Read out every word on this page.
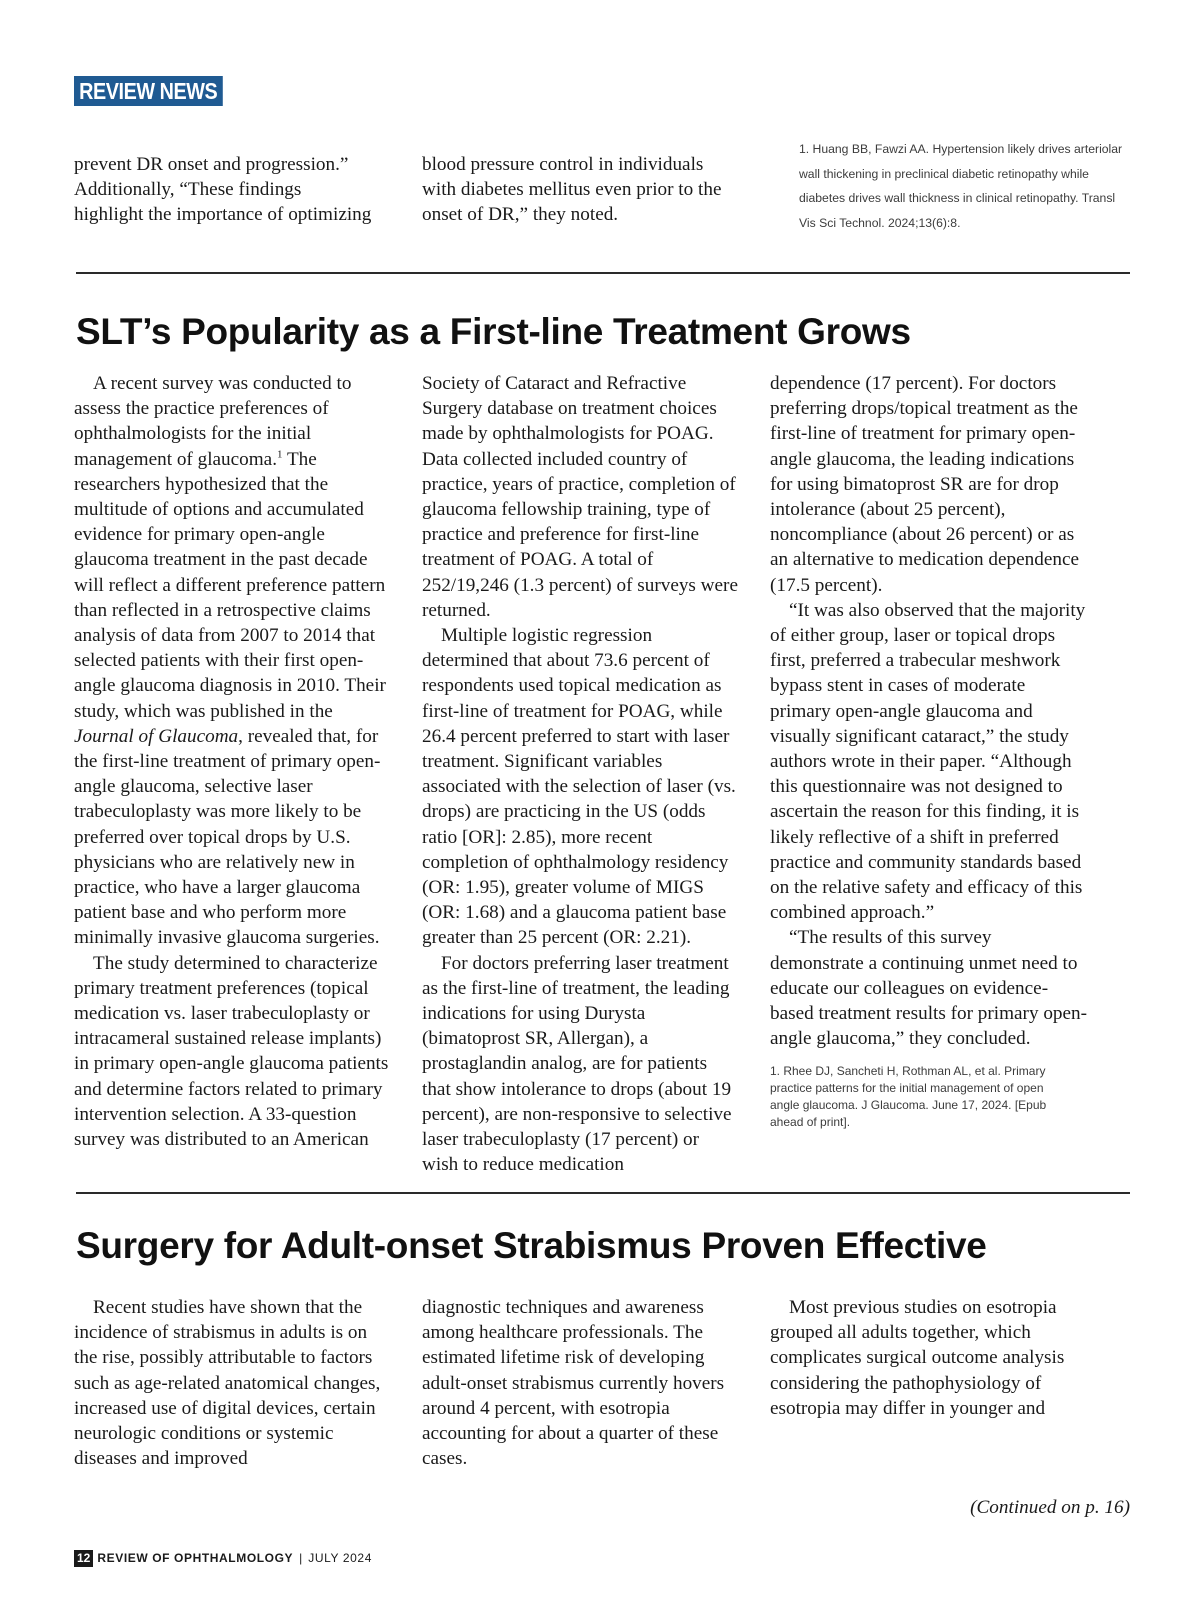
REVIEW NEWS

prevent DR onset and progression.” Additionally, “These findings highlight the importance of optimizing

blood pressure control in individuals with diabetes mellitus even prior to the onset of DR,” they noted.

1. Huang BB, Fawzi AA. Hypertension likely drives arteriolar wall thickening in preclinical diabetic retinopathy while diabetes drives wall thickness in clinical retinopathy. Transl Vis Sci Technol. 2024;13(6):8.
SLT’s Popularity as a First-line Treatment Grows

A recent survey was conducted to assess the practice preferences of ophthalmologists for the initial management of glaucoma.$^1$ The researchers hypothesized that the multitude of options and accumulated evidence for primary open-angle glaucoma treatment in the past decade will reflect a different preference pattern than reflected in a retrospective claims analysis of data from 2007 to 2014 that selected patients with their first open-angle glaucoma diagnosis in 2010. Their study, which was published in the Journal of Glaucoma, revealed that, for the first-line treatment of primary open-angle glaucoma, selective laser trabeculoplasty was more likely to be preferred over topical drops by U.S. physicians who are relatively new in practice, who have a larger glaucoma patient base and who perform more minimally invasive glaucoma surgeries.

The study determined to characterize primary treatment preferences (topical medication vs. laser trabeculoplasty or intracameral sustained release implants) in primary open-angle glaucoma patients and determine factors related to primary intervention selection. A 33-question survey was distributed to an American

Society of Cataract and Refractive Surgery database on treatment choices made by ophthalmologists for POAG. Data collected included country of practice, years of practice, completion of glaucoma fellowship training, type of practice and preference for first-line treatment of POAG. A total of 252/19,246 (1.3 percent) of surveys were returned.

Multiple logistic regression determined that about 73.6 percent of respondents used topical medication as first-line of treatment for POAG, while 26.4 percent preferred to start with laser treatment. Significant variables associated with the selection of laser (vs. drops) are practicing in the US (odds ratio [OR]: 2.85), more recent completion of ophthalmology residency (OR: 1.95), greater volume of MIGS (OR: 1.68) and a glaucoma patient base greater than 25 percent (OR: 2.21).

For doctors preferring laser treatment as the first-line of treatment, the leading indications for using Durysta (bimatoprost SR, Allergan), a prostaglandin analog, are for patients that show intolerance to drops (about 19 percent), are non-responsive to selective laser trabeculoplasty (17 percent) or wish to reduce medication

dependence (17 percent). For doctors preferring drops/topical treatment as the first-line of treatment for primary open-angle glaucoma, the leading indications for using bimatoprost SR are for drop intolerance (about 25 percent), noncompliance (about 26 percent) or as an alternative to medication dependence (17.5 percent).

“It was also observed that the majority of either group, laser or topical drops first, preferred a trabecular meshwork bypass stent in cases of moderate primary open-angle glaucoma and visually significant cataract,” the study authors wrote in their paper. “Although this questionnaire was not designed to ascertain the reason for this finding, it is likely reflective of a shift in preferred practice and community standards based on the relative safety and efficacy of this combined approach.”

“The results of this survey demonstrate a continuing unmet need to educate our colleagues on evidence-based treatment results for primary open-angle glaucoma,” they concluded.

1. Rhee DJ, Sancheti H, Rothman AL, et al. Primary practice patterns for the initial management of open angle glaucoma. J Glaucoma. June 17, 2024. [Epub ahead of print].
Surgery for Adult-onset Strabismus Proven Effective

Recent studies have shown that the incidence of strabismus in adults is on the rise, possibly attributable to factors such as age-related anatomical changes, increased use of digital devices, certain neurologic conditions or systemic diseases and improved

diagnostic techniques and awareness among healthcare professionals. The estimated lifetime risk of developing adult-onset strabismus currently hovers around 4 percent, with esotropia accounting for about a quarter of these cases.

Most previous studies on esotropia grouped all adults together, which complicates surgical outcome analysis considering the pathophysiology of esotropia may differ in younger and

(Continued on p. 16)
12 REVIEW OF OPHTHALMOLOGY | JULY 2024
